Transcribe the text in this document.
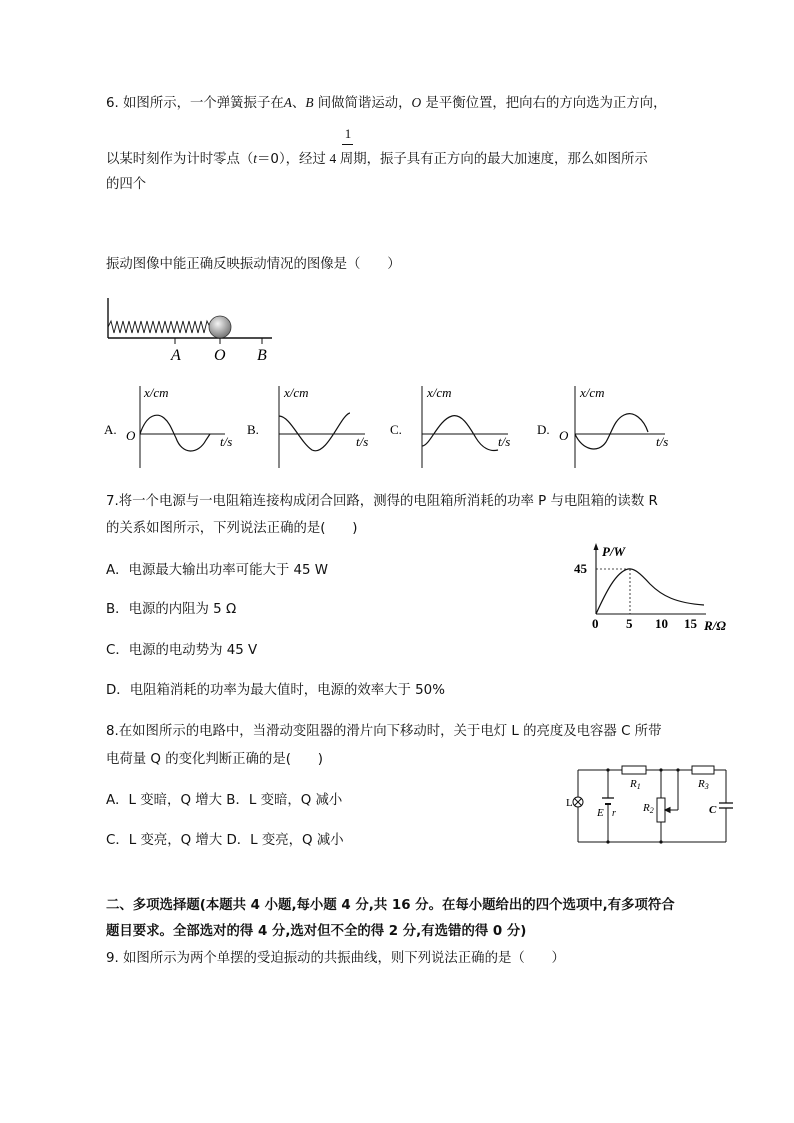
6. 如图所示，一个弹簧振子在A、B 间做简谐运动，O 是平衡位置，把向右的方向选为正方向，
1
以某时刻作为计时零点（t＝0），经过 4 周期，振子具有正方向的最大加速度，那么如图所示
的四个
振动图像中能正确反映振动情况的图像是（　　）
A O B
A.
x/cm
t/s
O	B.
x/cm
t/s
C.
x/cm
t/s
D.
x/cm
t/s
O
7.将一个电源与一电阻箱连接构成闭合回路，测得的电阻箱所消耗的功率 P 与电阻箱的读数 R
的关系如图所示，下列说法正确的是(　　)
A．电源最大输出功率可能大于 45 W
B．电源的内阻为 5 Ω
C．电源的电动势为 45 V
D．电阻箱消耗的功率为最大值时，电源的效率大于 50%
P/W
45
0 5 10 15 R/Ω
8.在如图所示的电路中，当滑动变阻器的滑片向下移动时，关于电灯 L 的亮度及电容器 C 所带
电荷量 Q 的变化判断正确的是(　　)
A．L 变暗，Q 增大 B．L 变暗，Q 减小
C．L 变亮，Q 增大 D．L 变亮，Q 减小
L
E r
R1
R2
R3
C
二、多项选择题(本题共 4 小题,每小题 4 分,共 16 分。在每小题给出的四个选项中,有多项符合
题目要求。全部选对的得 4 分,选对但不全的得 2 分,有选错的得 0 分)
9. 如图所示为两个单摆的受迫振动的共振曲线，则下列说法正确的是（　　）
